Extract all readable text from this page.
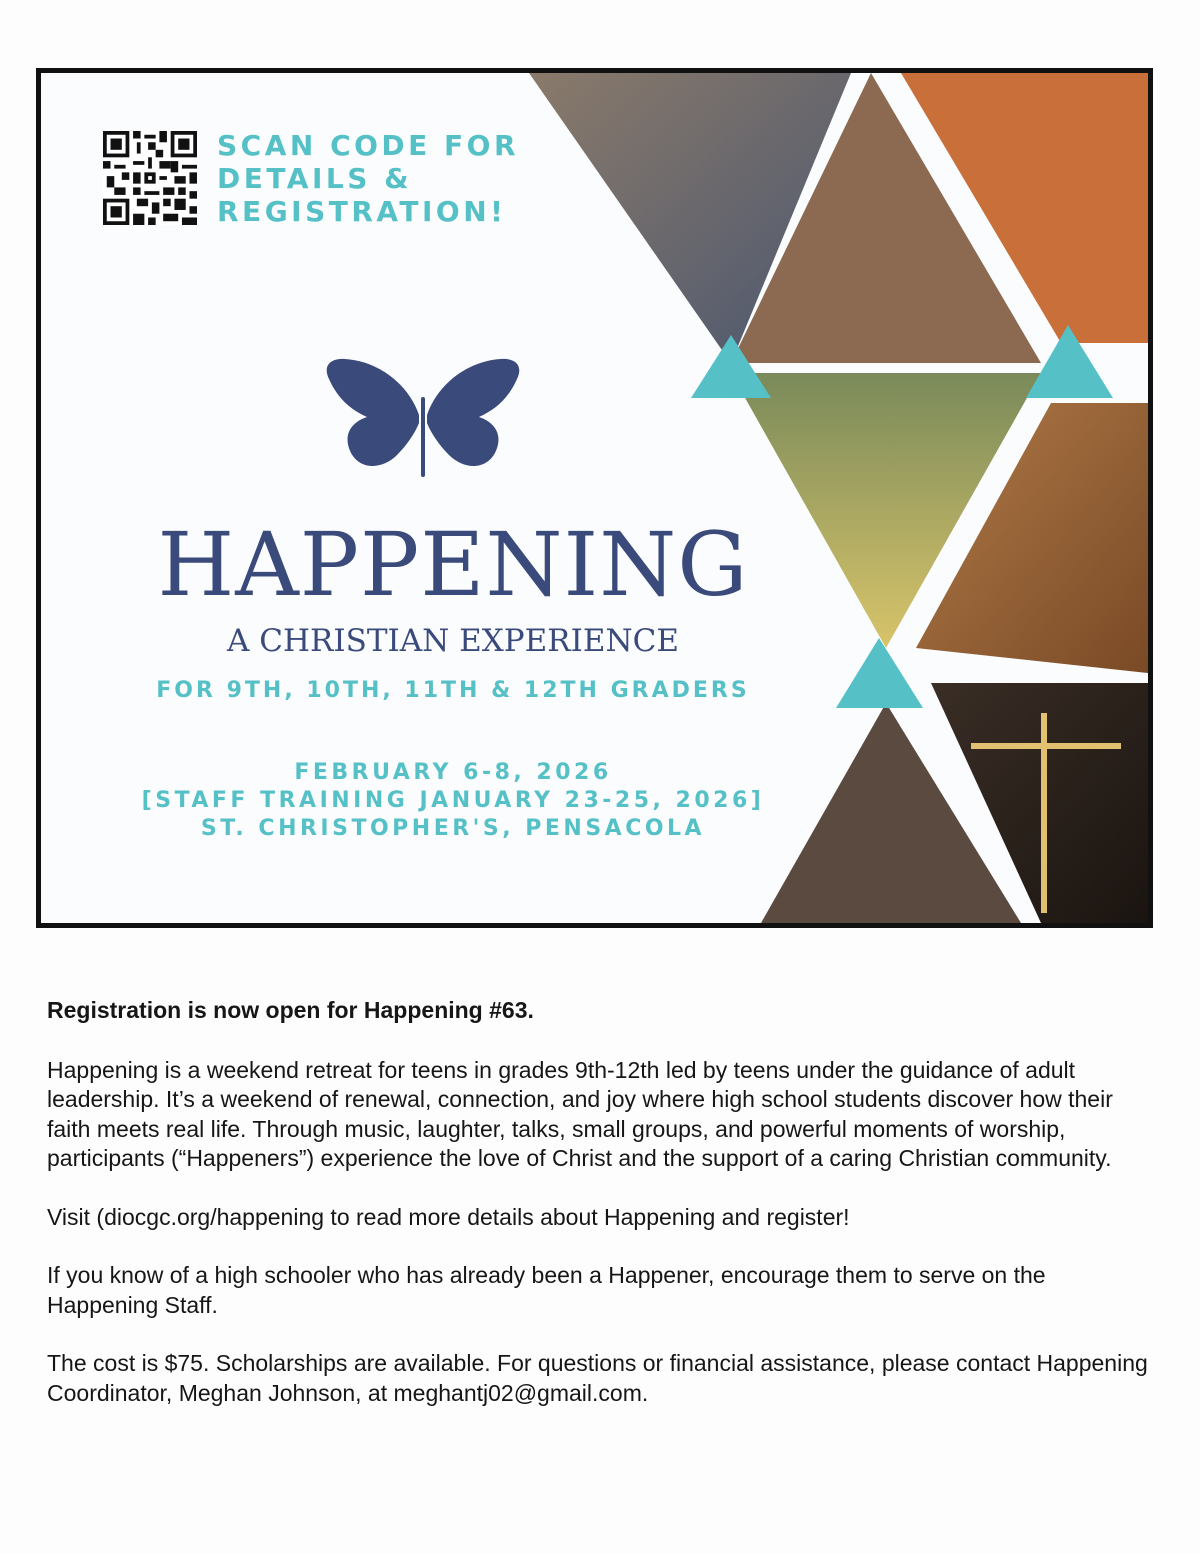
SCAN CODE FOR
DETAILS &
REGISTRATION!
HAPPENING

A CHRISTIAN EXPERIENCE

FOR 9TH, 10TH, 11TH & 12TH GRADERS

FEBRUARY 6-8, 2026
[STAFF TRAINING JANUARY 23-25, 2026]
ST. CHRISTOPHER'S, PENSACOLA

Registration is now open for Happening #63.

Happening is a weekend retreat for teens in grades 9th-12th led by teens under the guidance of adult leadership. It’s a weekend of renewal, connection, and joy where high school students discover how their faith meets real life. Through music, laughter, talks, small groups, and powerful moments of worship, participants (“Happeners”) experience the love of Christ and the support of a caring Christian community.

Visit (diocgc.org/happening to read more details about Happening and register!

If you know of a high schooler who has already been a Happener, encourage them to serve on the Happening Staff.

The cost is $75. Scholarships are available. For questions or financial assistance, please contact Happening Coordinator, Meghan Johnson, at meghantj02@gmail.com.
